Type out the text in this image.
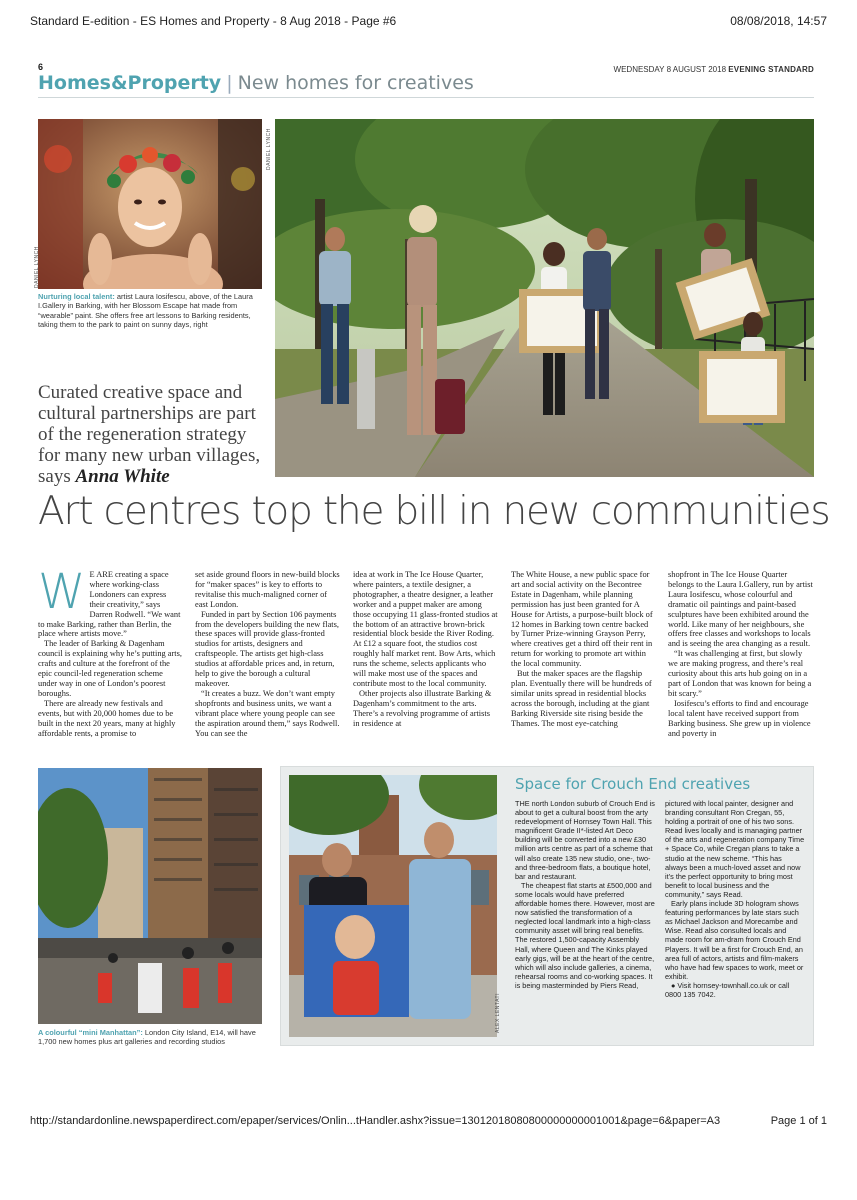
Standard E-edition - ES Homes and Property - 8 Aug 2018 - Page #6	08/08/2018, 14:57
6
Homes&Property | New homes for creatives
WEDNESDAY 8 AUGUST 2018 EVENING STANDARD
DANIEL LYNCH
Nurturing local talent: artist Laura Iosifescu, above, of the Laura I.Gallery in Barking, with her Blossom Escape hat made from “wearable” paint. She offers free art lessons to Barking residents, taking them to the park to paint on sunny days, right
Curated creative space and cultural partnerships are part of the regeneration strategy for many new urban villages, says Anna White
DANIEL LYNCH
Art centres top the bill in new communities
W E ARE creating a space where working-class Londoners can express their creativity,” says Darren Rodwell. “We want to make Barking, rather than Berlin, the place where artists move.”

The leader of Barking & Dagenham council is explaining why he’s putting arts, crafts and culture at the forefront of the epic council-led regeneration scheme under way in one of London’s poorest boroughs.

There are already new festivals and events, but with 20,000 homes due to be built in the next 20 years, many at highly affordable rents, a promise to

set aside ground floors in new-build blocks for “maker spaces” is key to efforts to revitalise this much-maligned corner of east London.

Funded in part by Section 106 payments from the developers building the new flats, these spaces will provide glass-fronted studios for artists, designers and craftspeople. The artists get high-class studios at affordable prices and, in return, help to give the borough a cultural makeover.

“It creates a buzz. We don’t want empty shopfronts and business units, we want a vibrant place where young people can see the aspiration around them,” says Rodwell. You can see the

idea at work in The Ice House Quarter, where painters, a textile designer, a photographer, a theatre designer, a leather worker and a puppet maker are among those occupying 11 glass-fronted studios at the bottom of an attractive brown-brick residential block beside the River Roding. At £12 a square foot, the studios cost roughly half market rent. Bow Arts, which runs the scheme, selects applicants who will make most use of the spaces and contribute most to the local community.

Other projects also illustrate Barking & Dagenham’s commitment to the arts. There’s a revolving programme of artists in residence at

The White House, a new public space for art and social activity on the Becontree Estate in Dagenham, while planning permission has just been granted for A House for Artists, a purpose-built block of 12 homes in Barking town centre backed by Turner Prize-winning Grayson Perry, where creatives get a third off their rent in return for working to promote art within the local community.

But the maker spaces are the flagship plan. Eventually there will be hundreds of similar units spread in residential blocks across the borough, including at the giant Barking Riverside site rising beside the Thames. The most eye-catching

shopfront in The Ice House Quarter belongs to the Laura I.Gallery, run by artist Laura Iosifescu, whose colourful and dramatic oil paintings and paint-based sculptures have been exhibited around the world. Like many of her neighbours, she offers free classes and workshops to locals and is seeing the area changing as a result.

“It was challenging at first, but slowly we are making progress, and there’s real curiosity about this arts hub going on in a part of London that was known for being a bit scary.”

Iosifescu’s efforts to find and encourage local talent have received support from Barking business. She grew up in violence and poverty in

A colourful “mini Manhattan”: London City Island, E14, will have 1,700 new homes plus art galleries and recording studios
ALEX LENTATI
Space for Crouch End creatives

THE north London suburb of Crouch End is about to get a cultural boost from the arty redevelopment of Hornsey Town Hall. This magnificent Grade II*-listed Art Deco building will be converted into a new £30 million arts centre as part of a scheme that will also create 135 new studio, one-, two- and three-bedroom flats, a boutique hotel, bar and restaurant.

The cheapest flat starts at £500,000 and some locals would have preferred affordable homes there. However, most are now satisfied the transformation of a neglected local landmark into a high-class community asset will bring real benefits. The restored 1,500-capacity Assembly Hall, where Queen and The Kinks played early gigs, will be at the heart of the centre, which will also include galleries, a cinema, rehearsal rooms and co-working spaces. It is being masterminded by Piers Read,

pictured with local painter, designer and branding consultant Ron Cregan, 55, holding a portrait of one of his two sons. Read lives locally and is managing partner of the arts and regeneration company Time + Space Co, while Cregan plans to take a studio at the new scheme. “This has always been a much-loved asset and now it’s the perfect opportunity to bring most benefit to local business and the community,” says Read.

Early plans include 3D hologram shows featuring performances by late stars such as Michael Jackson and Morecambe and Wise. Read also consulted locals and made room for am-dram from Crouch End Players. It will be a first for Crouch End, an area full of actors, artists and film-makers who have had few spaces to work, meet or exhibit.

● Visit hornsey-townhall.co.uk or call 0800 135 7042.

http://standardonline.newspaperdirect.com/epaper/services/Onlin...tHandler.ashx?issue=13012018080800000000001001&page=6&paper=A3	Page 1 of 1
